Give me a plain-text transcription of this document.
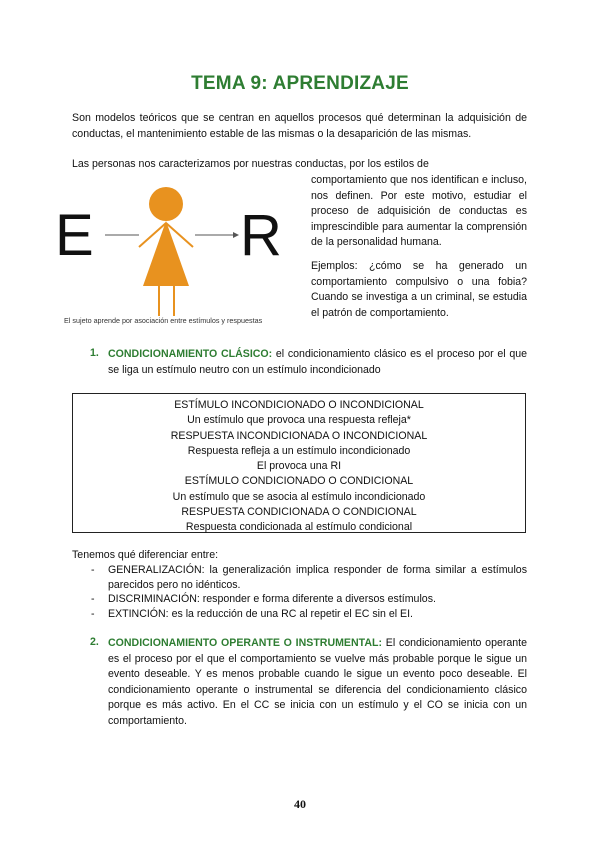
TEMA 9: APRENDIZAJE
Son modelos teóricos que se centran en aquellos procesos qué determinan la adquisición de conductas, el mantenimiento estable de las mismas o la desaparición de las mismas.
Las personas nos caracterizamos por nuestras conductas, por los estilos de
comportamiento que nos identifican e incluso, nos definen. Por este motivo, estudiar el proceso de adquisición de conductas es imprescindible para aumentar la comprensión de la personalidad humana.
Ejemplos: ¿cómo se ha generado un comportamiento compulsivo o una fobia? Cuando se investiga a un criminal, se estudia el patrón de comportamiento.
E	R
El sujeto aprende por asociación entre estímulos y respuestas
1. CONDICIONAMIENTO CLÁSICO: el condicionamiento clásico es el proceso por el que se liga un estímulo neutro con un estímulo incondicionado
ESTÍMULO INCONDICIONADO O INCONDICIONAL
Un estímulo que provoca una respuesta refleja*
RESPUESTA INCONDICIONADA O INCONDICIONAL
Respuesta refleja a un estímulo incondicionado
El provoca una RI
ESTÍMULO CONDICIONADO O CONDICIONAL
Un estímulo que se asocia al estímulo incondicionado
RESPUESTA CONDICIONADA O CONDICIONAL
Respuesta condicionada al estímulo condicional
Tenemos qué diferenciar entre:
- GENERALIZACIÓN: la generalización implica responder de forma similar a estímulos parecidos pero no idénticos.
- DISCRIMINACIÓN: responder e forma diferente a diversos estímulos.
- EXTINCIÓN: es la reducción de una RC al repetir el EC sin el EI.
2. CONDICIONAMIENTO OPERANTE O INSTRUMENTAL: El condicionamiento operante es el proceso por el que el comportamiento se vuelve más probable porque le sigue un evento deseable. Y es menos probable cuando le sigue un evento poco deseable. El condicionamiento operante o instrumental se diferencia del condicionamiento clásico porque es más activo. En el CC se inicia con un estímulo y el CO se inicia con un comportamiento.
40
